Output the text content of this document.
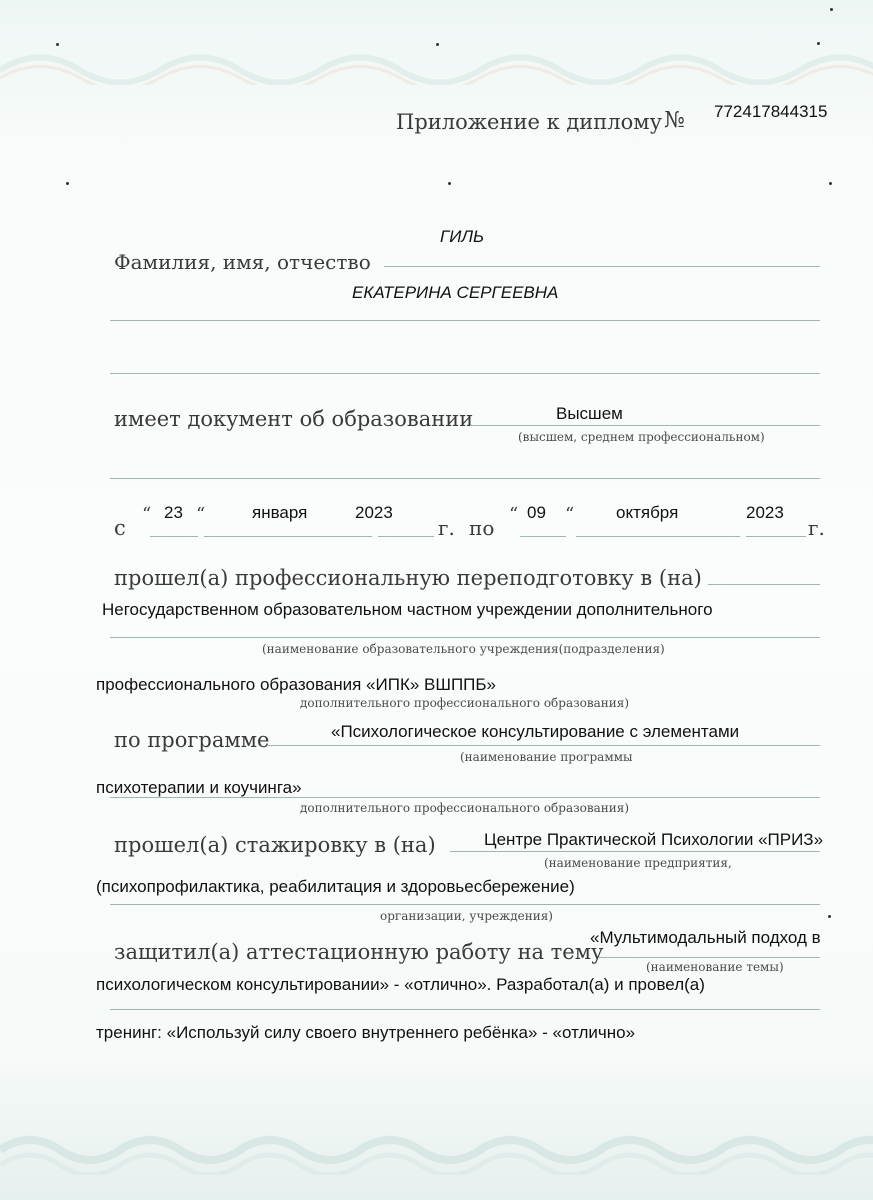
Приложение к диплому № 772417844315
ГИЛЬ
Фамилия, имя, отчество
ЕКАТЕРИНА СЕРГЕЕВНА
имеет документ об образовании	Высшем
(высшем, среднем профессиональном)
с
“ 23 “	января	2023
г. по
“ 09 “ октября	2023
г.
прошел(а) профессиональную переподготовку в (на)
Негосударственном образовательном частном учреждении дополнительного
(наименование образовательного учреждения(подразделения)
профессионального образования «ИПК» ВШППБ»
дополнительного профессионального образования)
по программе	«Психологическое консультирование с элементами
(наименование программы
психотерапии и коучинга»
дополнительного профессионального образования)
прошел(а) стажировку в (на)	Центре Практической Психологии «ПРИЗ»
(наименование предприятия,
(психопрофилактика, реабилитация и здоровьесбережение)
организации, учреждения)
защитил(а) аттестационную работу на тему
«Мультимодальный подход в
(наименование темы)
психологическом консультировании» - «отлично». Разработал(а) и провел(а)
тренинг: «Используй силу своего внутреннего ребёнка» - «отлично»
